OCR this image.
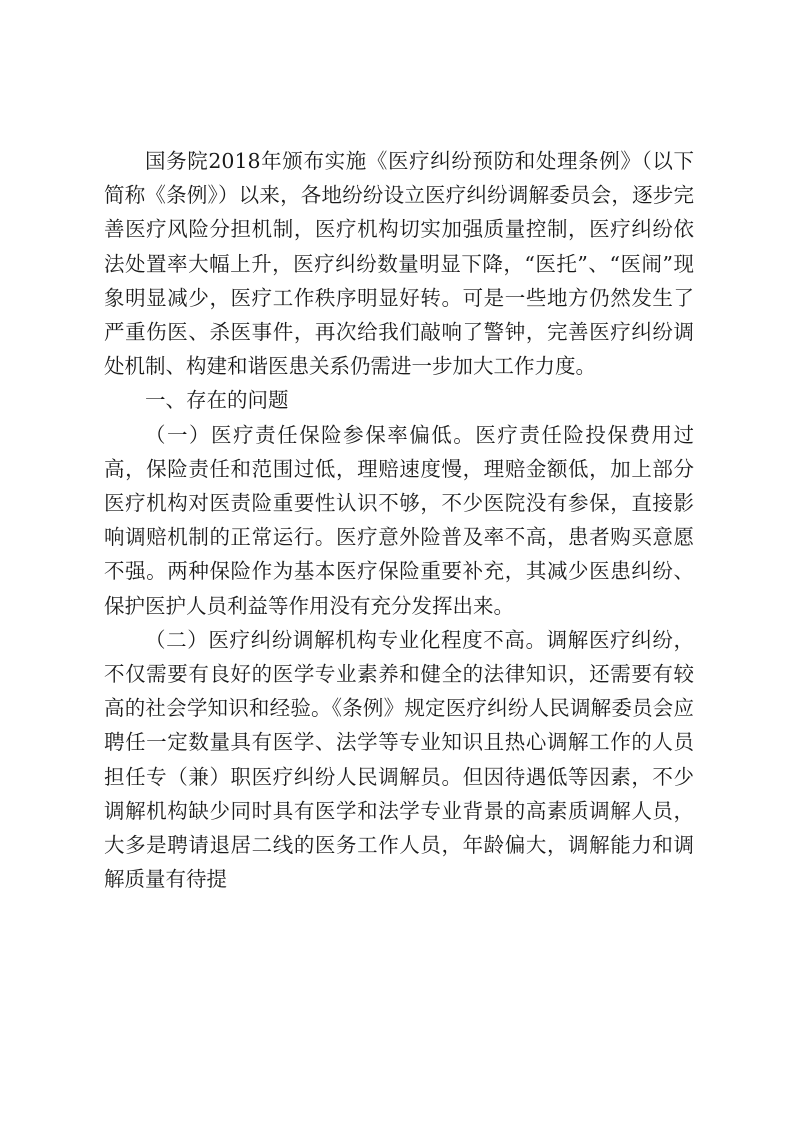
国务院2018年颁布实施《医疗纠纷预防和处理条例》（以下简称《条例》）以来，各地纷纷设立医疗纠纷调解委员会，逐步完善医疗风险分担机制，医疗机构切实加强质量控制，医疗纠纷依法处置率大幅上升，医疗纠纷数量明显下降，“医托”、“医闹”现象明显减少，医疗工作秩序明显好转。可是一些地方仍然发生了严重伤医、杀医事件，再次给我们敲响了警钟，完善医疗纠纷调处机制、构建和谐医患关系仍需进一步加大工作力度。

一、存在的问题

（一）医疗责任保险参保率偏低。医疗责任险投保费用过高，保险责任和范围过低，理赔速度慢，理赔金额低，加上部分医疗机构对医责险重要性认识不够，不少医院没有参保，直接影响调赔机制的正常运行。医疗意外险普及率不高，患者购买意愿不强。两种保险作为基本医疗保险重要补充，其减少医患纠纷、保护医护人员利益等作用没有充分发挥出来。

（二）医疗纠纷调解机构专业化程度不高。调解医疗纠纷，不仅需要有良好的医学专业素养和健全的法律知识，还需要有较高的社会学知识和经验。《条例》规定医疗纠纷人民调解委员会应聘任一定数量具有医学、法学等专业知识且热心调解工作的人员担任专（兼）职医疗纠纷人民调解员。但因待遇低等因素，不少调解机构缺少同时具有医学和法学专业背景的高素质调解人员，大多是聘请退居二线的医务工作人员，年龄偏大，调解能力和调解质量有待提
